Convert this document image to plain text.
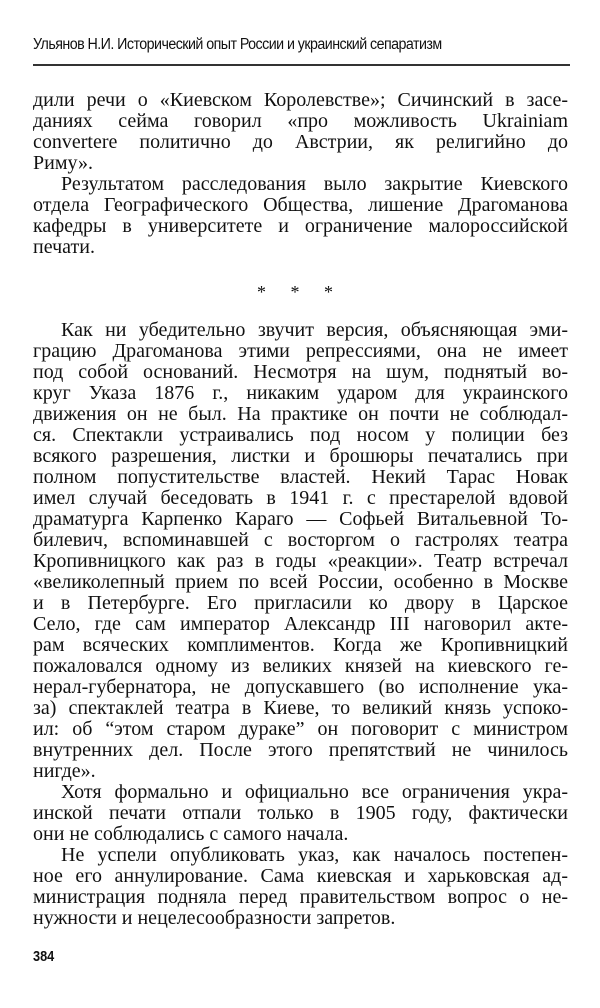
Ульянов Н.И. Исторический опыт России и украинский сепаратизм
дили речи о «Киевском Королевстве»; Сичинский в засе-
даниях сейма говорил «про можливость Ukrainiam
convertere политично до Австрии, як религийно до
Риму».
Результатом расследования выло закрытие Киевского
отдела Географического Общества, лишение Драгоманова
кафедры в университете и ограничение малороссийской
печати.
* * *
Как ни убедительно звучит версия, объясняющая эми-
грацию Драгоманова этими репрессиями, она не имеет
под собой оснований. Несмотря на шум, поднятый во-
круг Указа 1876 г., никаким ударом для украинского
движения он не был. На практике он почти не соблюдал-
ся. Спектакли устраивались под носом у полиции без
всякого разрешения, листки и брошюры печатались при
полном попустительстве властей. Некий Тарас Новак
имел случай беседовать в 1941 г. с престарелой вдовой
драматурга Карпенко Караго — Софьей Витальевной То-
билевич, вспоминавшей с восторгом о гастролях театра
Кропивницкого как раз в годы «реакции». Театр встречал
«великолепный прием по всей России, особенно в Москве
и в Петербурге. Его пригласили ко двору в Царское
Село, где сам император Александр III наговорил акте-
рам всяческих комплиментов. Когда же Кропивницкий
пожаловался одному из великих князей на киевского ге-
нерал-губернатора, не допускавшего (во исполнение ука-
за) спектаклей театра в Киеве, то великий князь успоко-
ил: об “этом старом дураке” он поговорит с министром
внутренних дел. После этого препятствий не чинилось
нигде».
Хотя формально и официально все ограничения укра-
инской печати отпали только в 1905 году, фактически
они не соблюдались с самого начала.
Не успели опубликовать указ, как началось постепен-
ное его аннулирование. Сама киевская и харьковская ад-
министрация подняла перед правительством вопрос о не-
нужности и нецелесообразности запретов.
384
